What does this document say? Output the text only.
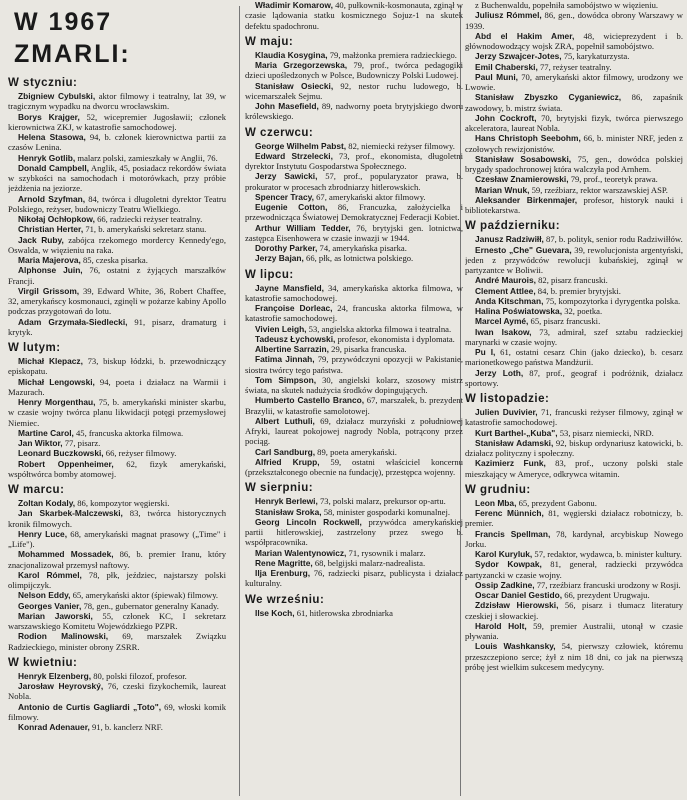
W 1967 ZMARLI:
W styczniu:

Zbigniew Cybulski, aktor filmowy i teatralny, lat 39, w tragicznym wypadku na dworcu wrocławskim.

Borys Krajger, 52, wicepremier Jugosławii; członek kierownictwa ZKJ, w katastrofie samochodowej.

Helena Stasowa, 94, b. członek kierownictwa partii za czasów Lenina.

Henryk Gotlib, malarz polski, zamieszkały w Anglii, 76.

Donald Campbell, Anglik, 45, posiadacz rekordów świata w szybkości na samochodach i motorówkach, przy próbie jeżdżenia na jeziorze.

Arnold Szyfman, 84, twórca i długoletni dyrektor Teatru Polskiego, reżyser, budowniczy Teatru Wielkiego.

Nikołaj Ochłopkow, 66, radziecki reżyser teatralny.

Christian Herter, 71, b. amerykański sekretarz stanu.

Jack Ruby, zabójca rzekomego mordercy Kennedy'ego, Oswalda, w więzieniu na raka.

Maria Majerova, 85, czeska pisarka.

Alphonse Juin, 76, ostatni z żyjących marszałków Francji.

Virgil Grissom, 39, Edward White, 36, Robert Chaffee, 32, amerykańscy kosmonauci, zginęli w pożarze kabiny Apollo podczas przygotowań do lotu.

Adam Grzymała-Siedlecki, 91, pisarz, dramaturg i krytyk.

W lutym:

Michał Klepacz, 73, biskup łódzki, b. przewodniczący episkopatu.

Michał Lengowski, 94, poeta i działacz na Warmii i Mazurach.

Henry Morgenthau, 75, b. amerykański minister skarbu, w czasie wojny twórca planu likwidacji potęgi przemysłowej Niemiec.

Martine Carol, 45, francuska aktorka filmowa.

Jan Wiktor, 77, pisarz.

Leonard Buczkowski, 66, reżyser filmowy.

Robert Oppenheimer, 62, fizyk amerykański, współtwórca bomby atomowej.

W marcu:

Zoltan Kodaly, 86, kompozytor węgierski.

Jan Skarbek-Malczewski, 83, twórca historycznych kronik filmowych.

Henry Luce, 68, amerykański magnat prasowy („Time" i „Life").

Mohammed Mossadek, 86, b. premier Iranu, który znacjonalizował przemysł naftowy.

Karol Rómmel, 78, płk, jeździec, najstarszy polski olimpijczyk.

Nelson Eddy, 65, amerykański aktor (śpiewak) filmowy.

Georges Vanier, 78, gen., gubernator generalny Kanady.

Marian Jaworski, 55, członek KC, I sekretarz warszawskiego Komitetu Wojewódzkiego PZPR.

Rodion Malinowski, 69, marszałek Związku Radzieckiego, minister obrony ZSRR.

W kwietniu:

Henryk Elzenberg, 80, polski filozof, profesor.

Jarosław Heyrovský, 76, czeski fizykochemik, laureat Nobla.

Antonio de Curtis Gagliardi „Toto", 69, włoski komik filmowy.

Konrad Adenauer, 91, b. kanclerz NRF.

Władimir Komarow, 40, pułkownik-kosmonauta, zginął w czasie lądowania statku kosmicznego Sojuz-1 na skutek defektu spadochronu.

W maju:

Klaudia Kosygina, 79, małżonka premiera radzieckiego.

Maria Grzegorzewska, 79, prof., twórca pedagogiki dzieci upośledzonych w Polsce, Budowniczy Polski Ludowej.

Stanisław Osiecki, 92, nestor ruchu ludowego, b. wicemarszałek Sejmu.

John Masefield, 89, nadworny poeta brytyjskiego dworu królewskiego.

W czerwcu:

George Wilhelm Pabst, 82, niemiecki reżyser filmowy.

Edward Strzelecki, 73, prof., ekonomista, długoletni dyrektor Instytutu Gospodarstwa Społecznego.

Jerzy Sawicki, 57, prof., popularyzator prawa, b. prokurator w procesach zbrodniarzy hitlerowskich.

Spencer Tracy, 67, amerykański aktor filmowy.

Eugenie Cotton, 86, Francuzka, założycielka i przewodnicząca Światowej Demokratycznej Federacji Kobiet.

Arthur William Tedder, 76, brytyjski gen. lotnictwa, zastępca Eisenhowera w czasie inwazji w 1944.

Dorothy Parker, 74, amerykańska pisarka.

Jerzy Bajan, 66, płk, as lotnictwa polskiego.

W lipcu:

Jayne Mansfield, 34, amerykańska aktorka filmowa, w katastrofie samochodowej.

Françoise Dorleac, 24, francuska aktorka filmowa, w katastrofie samochodowej.

Vivien Leigh, 53, angielska aktorka filmowa i teatralna.

Tadeusz Łychowski, profesor, ekonomista i dyplomata.

Albertine Sarrazin, 29, pisarka francuska.

Fatima Jinnah, 79, przywódczyni opozycji w Pakistanie, siostra twórcy tego państwa.

Tom Simpson, 30, angielski kolarz, szosowy mistrz świata, na skutek nadużycia środków dopingujących.

Humberto Castello Branco, 67, marszałek, b. prezydent Brazylii, w katastrofie samolotowej.

Albert Luthuli, 69, działacz murzyński z południowej Afryki, laureat pokojowej nagrody Nobla, potrącony przez pociąg.

Carl Sandburg, 89, poeta amerykański.

Alfried Krupp, 59, ostatni właściciel koncernu (przekształconego obecnie na fundację), przestępca wojenny.

W sierpniu:

Henryk Berlewi, 73, polski malarz, prekursor op-artu.

Stanisław Sroka, 58, minister gospodarki komunalnej.

Georg Lincoln Rockwell, przywódca amerykańskiej partii hitlerowskiej, zastrzelony przez swego b. współpracownika.

Marian Walentynowicz, 71, rysownik i malarz.

Rene Magritte, 68, belgijski malarz-nadrealista.

Ilja Erenburg, 76, radziecki pisarz, publicysta i działacz kulturalny.

We wrześniu:

Ilse Koch, 61, hitlerowska zbrodniarka

z Buchenwaldu, popełniła samobójstwo w więzieniu.

Juliusz Rómmel, 86, gen., dowódca obrony Warszawy w 1939.

Abd el Hakim Amer, 48, wicieprezydent i b. głównodowodzący wojsk ZRA, popełnił samobójstwo.

Jerzy Szwajcer-Jotes, 75, karykaturzysta.

Emil Chaberski, 77, reżyser teatralny.

Paul Muni, 70, amerykański aktor filmowy, urodzony we Lwowie.

Stanisław Zbyszko Cyganiewicz, 86, zapaśnik zawodowy, b. mistrz świata.

John Cockroft, 70, brytyjski fizyk, twórca pierwszego akceleratora, laureat Nobla.

Hans Christoph Seebohm, 66, b. minister NRF, jeden z czołowych rewizjonistów.

Stanisław Sosabowski, 75, gen., dowódca polskiej brygady spadochronowej która walczyła pod Arnhem.

Czesław Znamierowski, 79, prof., teoretyk prawa.

Marian Wnuk, 59, rzeźbiarz, rektor warszawskiej ASP.

Aleksander Birkenmajer, profesor, historyk nauki i bibliotekarstwa.

W październiku:

Janusz Radziwiłł, 87, b. polityk, senior rodu Radziwiłłów.

Ernesto „Che" Guevara, 39, rewolucjonista argentyński, jeden z przywódców rewolucji kubańskiej, zginął w partyzantce w Boliwii.

André Maurois, 82, pisarz francuski.

Clement Attlee, 84, b. premier brytyjski.

Anda Kitschman, 75, kompozytorka i dyrygentka polska.

Halina Poświatowska, 32, poetka.

Marcel Aymé, 65, pisarz francuski.

Iwan Isakow, 73, admirał, szef sztabu radzieckiej marynarki w czasie wojny.

Pu I, 61, ostatni cesarz Chin (jako dziecko), b. cesarz marionetkowego państwa Mandżurii.

Jerzy Loth, 87, prof., geograf i podróżnik, działacz sportowy.

W listopadzie:

Julien Duvivier, 71, francuski reżyser filmowy, zginął w katastrofie samochodowej.

Kurt Barthel-„Kuba", 53, pisarz niemiecki, NRD.

Stanisław Adamski, 92, biskup ordynariusz katowicki, b. działacz polityczny i społeczny.

Kazimierz Funk, 83, prof., uczony polski stale mieszkający w Ameryce, odkrywca witamin.

W grudniu:

Leon Mba, 65, prezydent Gabonu.

Ferenc Münnich, 81, węgierski działacz robotniczy, b. premier.

Francis Spellman, 78, kardynał, arcybiskup Nowego Jorku.

Karol Kuryluk, 57, redaktor, wydawca, b. minister kultury.

Sydor Kowpak, 81, generał, radziecki przywódca partyzancki w czasie wojny.

Ossip Zadkine, 77, rzeźbiarz francuski urodzony w Rosji.

Oscar Daniel Gestido, 66, prezydent Urugwaju.

Zdzisław Hierowski, 56, pisarz i tłumacz literatury czeskiej i słowackiej.

Harold Holt, 59, premier Australii, utonął w czasie pływania.

Louis Washkansky, 54, pierwszy człowiek, któremu przeszczepiono serce; żył z nim 18 dni, co jak na pierwszą próbę jest wielkim sukcesem medycyny.
